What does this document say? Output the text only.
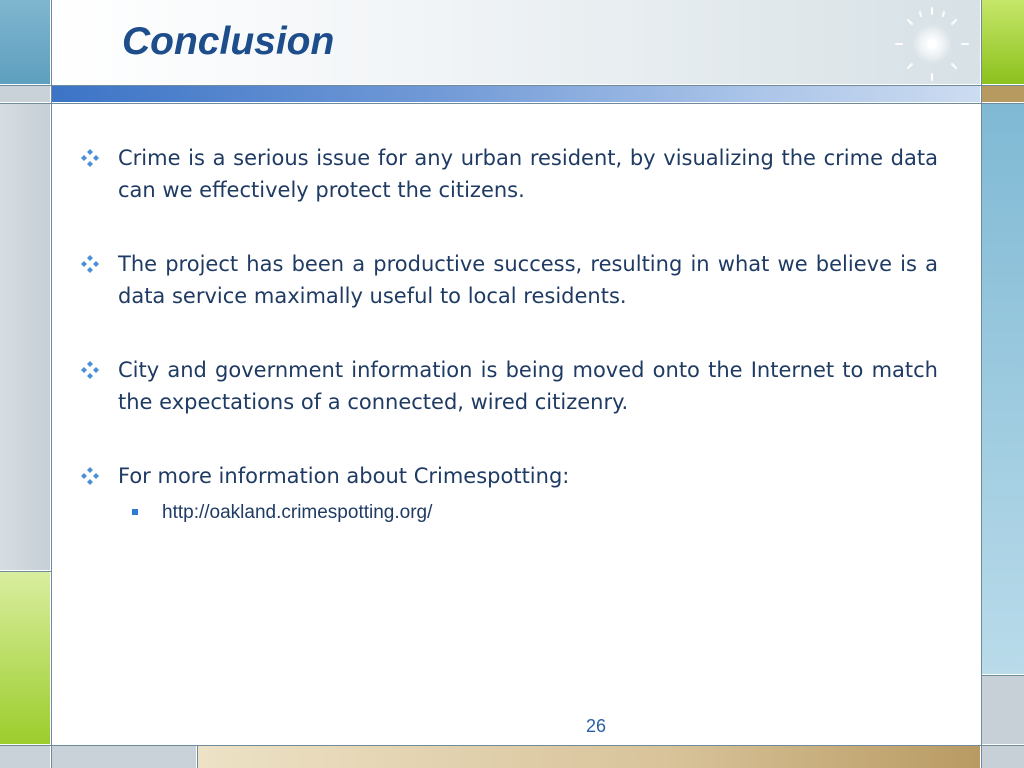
Conclusion
Crime is a serious issue for any urban resident, by visualizing the crime data can we effectively protect the citizens.
The project has been a productive success, resulting in what we believe is a data service maximally useful to local residents.
City and government information is being moved onto the Internet to match the expectations of a connected, wired citizenry.
For more information about Crimespotting:
http://oakland.crimespotting.org/
26
